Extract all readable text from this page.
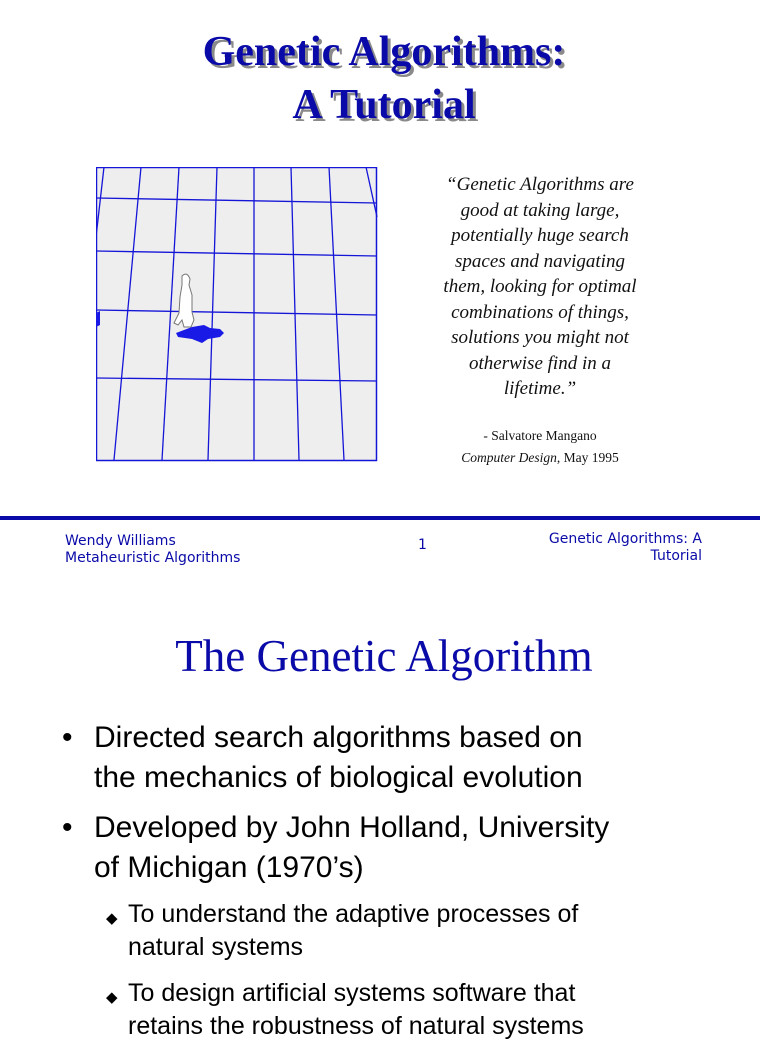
Genetic Algorithms:
A Tutorial
“Genetic Algorithms are
good at taking large,
potentially huge search
spaces and navigating
them, looking for optimal
combinations of things,
solutions you might not
otherwise find in a
lifetime.”
- Salvatore Mangano
Computer Design, May 1995
Wendy Williams
Metaheuristic Algorithms
1	Genetic Algorithms: A
Tutorial
The Genetic Algorithm
• Directed search algorithms based on
the mechanics of biological evolution
• Developed by John Holland, University
of Michigan (1970’s)
◆ To understand the adaptive processes of
natural systems
◆ To design artificial systems software that
retains the robustness of natural systems
